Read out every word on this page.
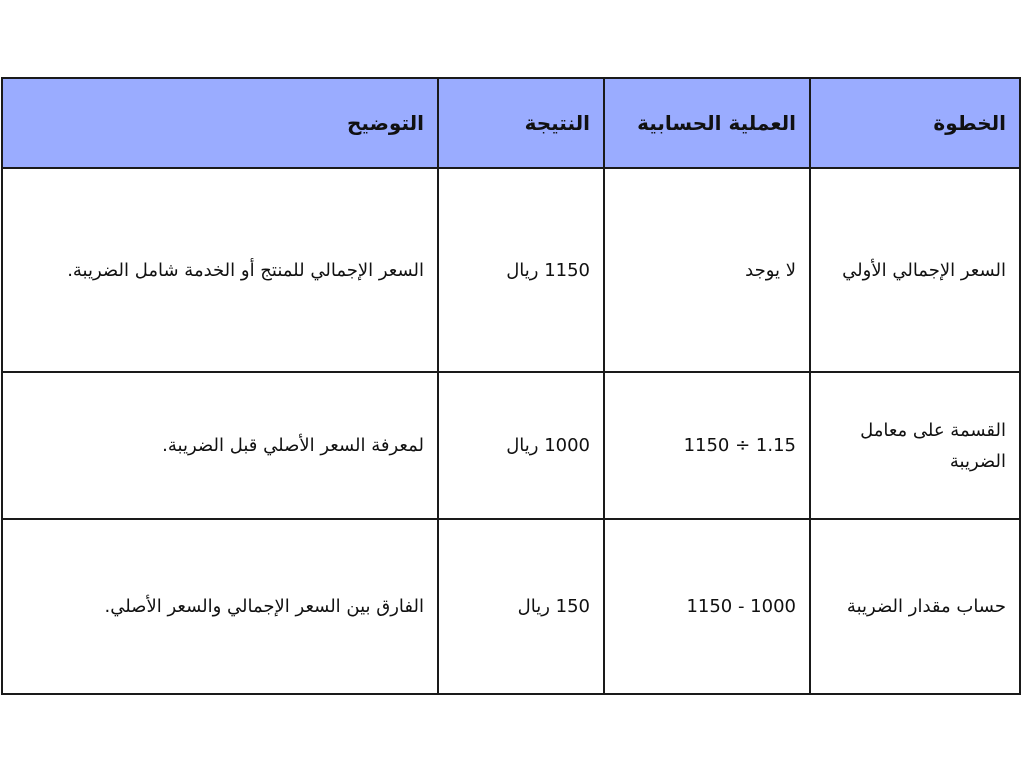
الخطوة	العملية الحسابية	النتيجة	التوضيح
السعر الإجمالي الأولي	لا يوجد	1150 ريال	السعر الإجمالي للمنتج أو الخدمة شامل الضريبة.
القسمة على معامل الضريبة	1150 ÷ 1.15	1000 ريال	لمعرفة السعر الأصلي قبل الضريبة.
حساب مقدار الضريبة	1150 - 1000	150 ريال	الفارق بين السعر الإجمالي والسعر الأصلي.
